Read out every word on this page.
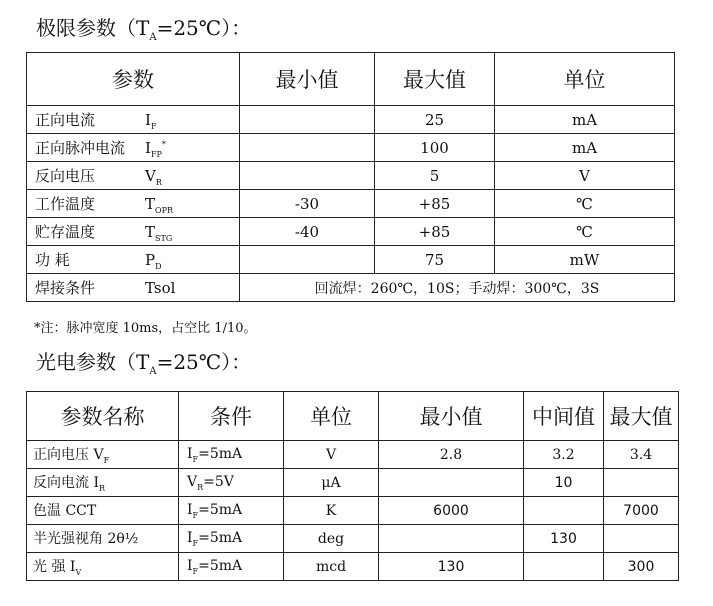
极限参数$(T_A=25℃)$：
参数	最小值	最大值	单位
正向电流 $I_F$		25	mA
正向脉冲电流 $I_{FP}^*$		100	mA
反向电压 $V_R$		5	V
工作温度 $T_{OPR}$	-30	+85	℃
贮存温度 $T_{STG}$	-40	+85	℃
功 耗 $P_D$		75	mW
焊接条件 Tsol	回流焊：260℃，10S；手动焊：300℃，3S		
*注：脉冲宽度 10ms，占空比 1/10。
光电参数$(T_A=25℃)$：
参数名称	条件	单位	最小值	中间值	最大值
正向电压 $V_F$	$I_F=5mA$	V	2.8	3.2	3.4
反向电流 $I_R$	$V_R=5V$	μA		10	
色温 CCT	$I_F=5mA$	K	6000		7000
半光强视角 2θ½	$I_F=5mA$	deg		130	
光 强 $I_V$	$I_F=5mA$	mcd	130		300
